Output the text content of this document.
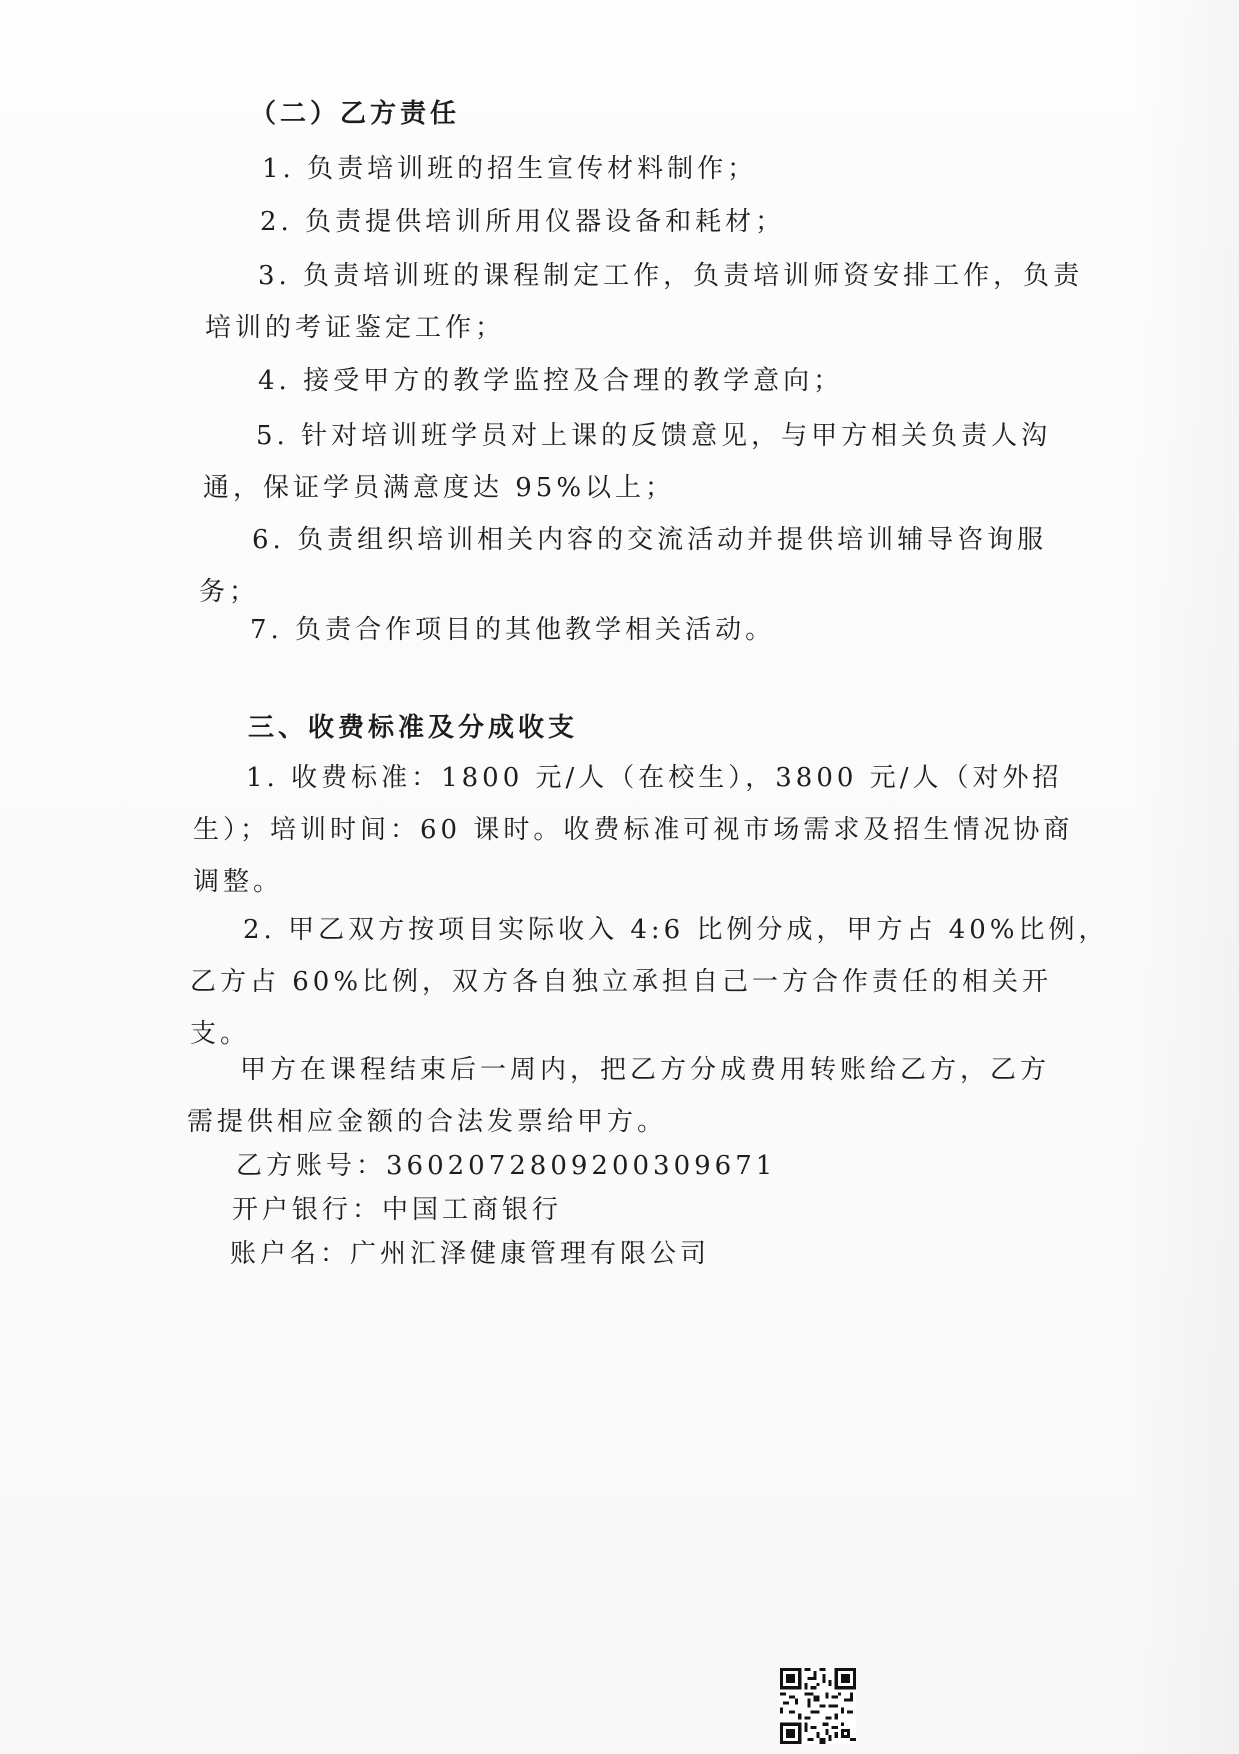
（二）乙方责任
1. 负责培训班的招生宣传材料制作；
2. 负责提供培训所用仪器设备和耗材；
3. 负责培训班的课程制定工作，负责培训师资安排工作，负责
培训的考证鉴定工作；
4. 接受甲方的教学监控及合理的教学意向；
5. 针对培训班学员对上课的反馈意见，与甲方相关负责人沟
通，保证学员满意度达 95%以上；
6. 负责组织培训相关内容的交流活动并提供培训辅导咨询服
务；
7. 负责合作项目的其他教学相关活动。
三、收费标准及分成收支
1. 收费标准：1800 元/人（在校生），3800 元/人（对外招
生）；培训时间：60 课时。收费标准可视市场需求及招生情况协商
调整。
2. 甲乙双方按项目实际收入 4:6 比例分成，甲方占 40%比例，
乙方占 60%比例，双方各自独立承担自己一方合作责任的相关开
支。
甲方在课程结束后一周内，把乙方分成费用转账给乙方，乙方
需提供相应金额的合法发票给甲方。
乙方账号：3602072809200309671
开户银行：中国工商银行
账户名：广州汇泽健康管理有限公司
